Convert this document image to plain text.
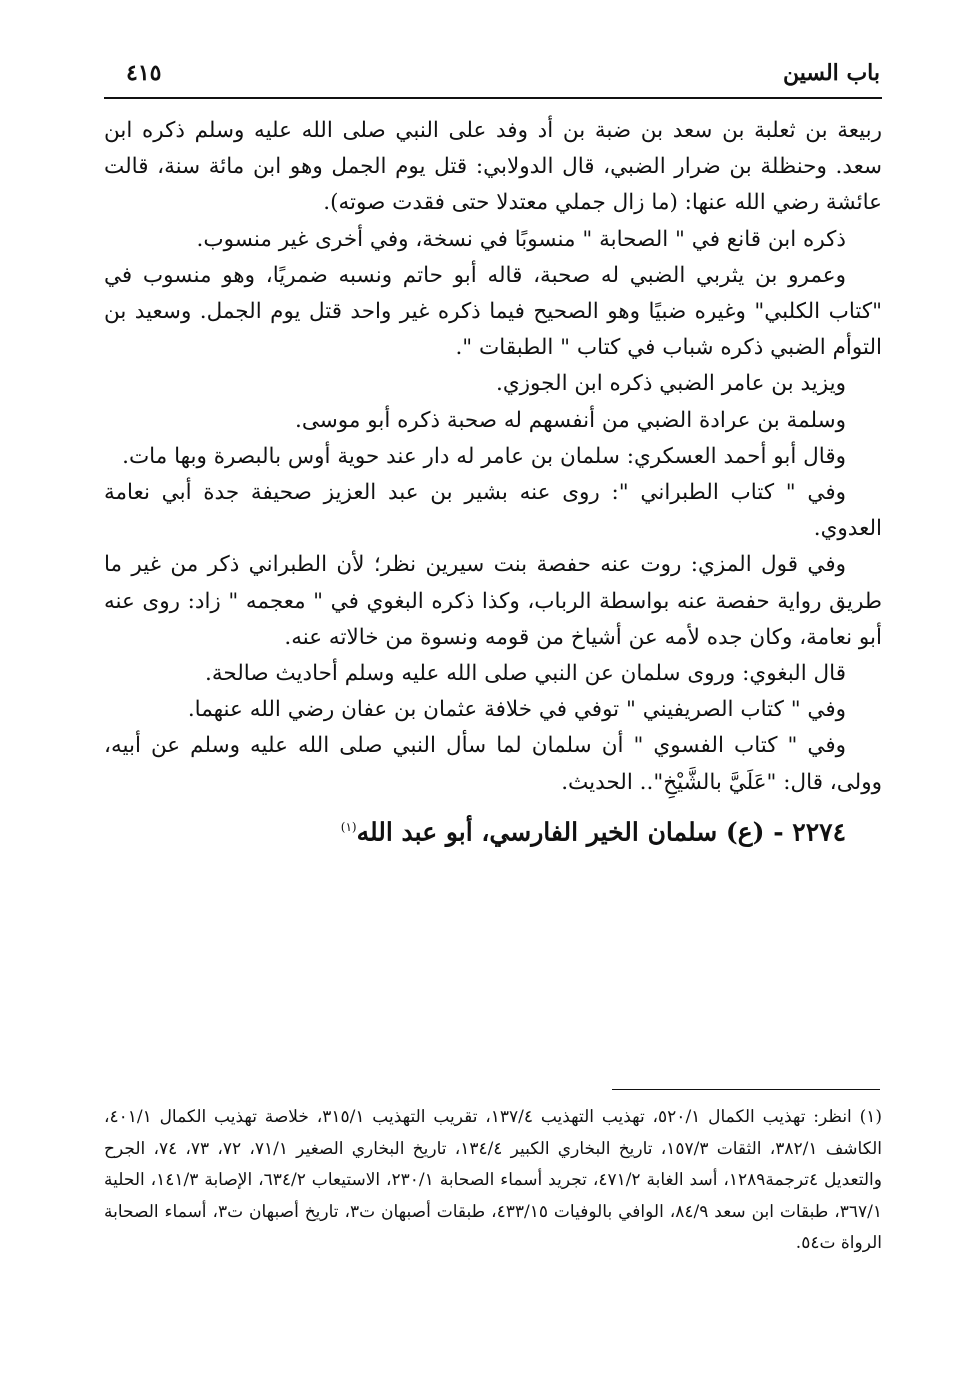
باب السين
٤١٥

ربيعة بن ثعلبة بن سعد بن ضبة بن أد وفد على النبي صلى الله عليه وسلم ذكره ابن سعد. وحنظلة بن ضرار الضبي، قال الدولابي: قتل يوم الجمل وهو ابن مائة سنة، قالت عائشة رضي الله عنها: (ما زال جملي معتدلا حتى فقدت صوته).

ذكره ابن قانع في " الصحابة " منسوبًا في نسخة، وفي أخرى غير منسوب.

وعمرو بن يثربي الضبي له صحبة، قاله أبو حاتم ونسبه ضمريًا، وهو منسوب في "كتاب الكلبي" وغيره ضبيًا وهو الصحيح فيما ذكره غير واحد قتل يوم الجمل. وسعيد بن التوأم الضبي ذكره شباب في كتاب " الطبقات ".

ويزيد بن عامر الضبي ذكره ابن الجوزي.

وسلمة بن عرادة الضبي من أنفسهم له صحبة ذكره أبو موسى.

وقال أبو أحمد العسكري: سلمان بن عامر له دار عند حوية أوس بالبصرة وبها مات.

وفي " كتاب الطبراني ": روى عنه بشير بن عبد العزيز صحيفة جدة أبي نعامة العدوي.

وفي قول المزي: روت عنه حفصة بنت سيرين نظر؛ لأن الطبراني ذكر من غير ما طريق رواية حفصة عنه بواسطة الرباب، وكذا ذكره البغوي في " معجمه " زاد: روى عنه أبو نعامة، وكان جده لأمه عن أشياخ من قومه ونسوة من خالاته عنه.

قال البغوي: وروى سلمان عن النبي صلى الله عليه وسلم أحاديث صالحة.

وفي " كتاب الصريفيني " توفي في خلافة عثمان بن عفان رضي الله عنهما.

وفي " كتاب الفسوي " أن سلمان لما سأل النبي صلى الله عليه وسلم عن أبيه، وولى، قال: "عَلَيَّ بالشَّيْخِ".. الحديث.

٢٢٧٤ - (ع) سلمان الخير الفارسي، أبو عبد الله$^{(١)}$

(١) انظر: تهذيب الكمال ٥٢٠/١، تهذيب التهذيب ١٣٧/٤، تقريب التهذيب ٣١٥/١، خلاصة تهذيب الكمال ٤٠١/١، الكاشف ٣٨٢/١، الثقات ١٥٧/٣، تاريخ البخاري الكبير ١٣٤/٤، تاريخ البخاري الصغير ٧١/١، ٧٢، ٧٣، ٧٤، الجرح والتعديل ٤ترجمة١٢٨٩، أسد الغابة ٤٧١/٢، تجريد أسماء الصحابة ٢٣٠/١، الاستيعاب ٦٣٤/٢، الإصابة ١٤١/٣، الحلية ٣٦٧/١، طبقات ابن سعد ٨٤/٩، الوافي بالوفيات ٤٣٣/١٥، طبقات أصبهان ت٣، تاريخ أصبهان ت٣، أسماء الصحابة الرواة ت٥٤.
